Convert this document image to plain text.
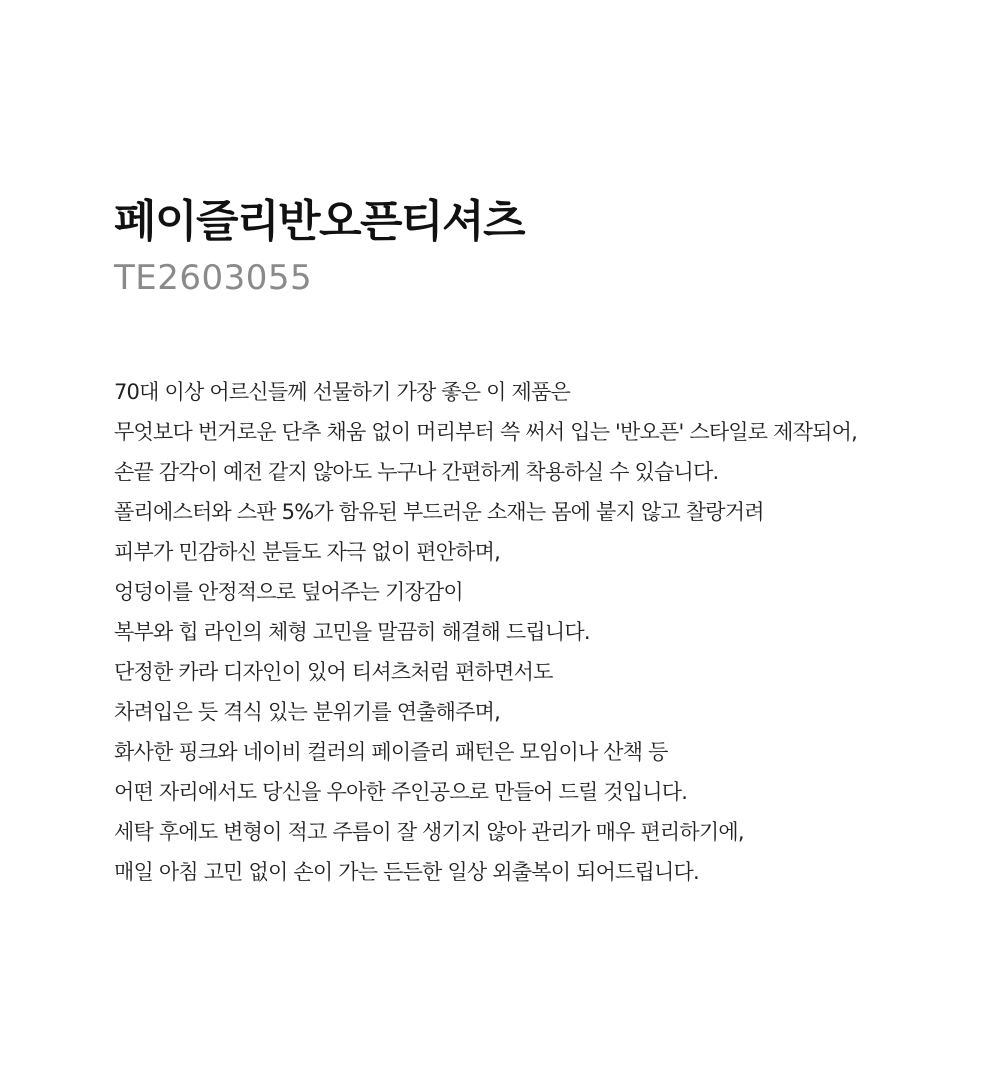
페이즐리반오픈티셔츠
TE2603055
70대 이상 어르신들께 선물하기 가장 좋은 이 제품은
무엇보다 번거로운 단추 채움 없이 머리부터 쓱 써서 입는 '반오픈' 스타일로 제작되어,
손끝 감각이 예전 같지 않아도 누구나 간편하게 착용하실 수 있습니다.
폴리에스터와 스판 5%가 함유된 부드러운 소재는 몸에 붙지 않고 찰랑거려
피부가 민감하신 분들도 자극 없이 편안하며,
엉덩이를 안정적으로 덮어주는 기장감이
복부와 힙 라인의 체형 고민을 말끔히 해결해 드립니다.
단정한 카라 디자인이 있어 티셔츠처럼 편하면서도
차려입은 듯 격식 있는 분위기를 연출해주며,
화사한 핑크와 네이비 컬러의 페이즐리 패턴은 모임이나 산책 등
어떤 자리에서도 당신을 우아한 주인공으로 만들어 드릴 것입니다.
세탁 후에도 변형이 적고 주름이 잘 생기지 않아 관리가 매우 편리하기에,
매일 아침 고민 없이 손이 가는 든든한 일상 외출복이 되어드립니다.
